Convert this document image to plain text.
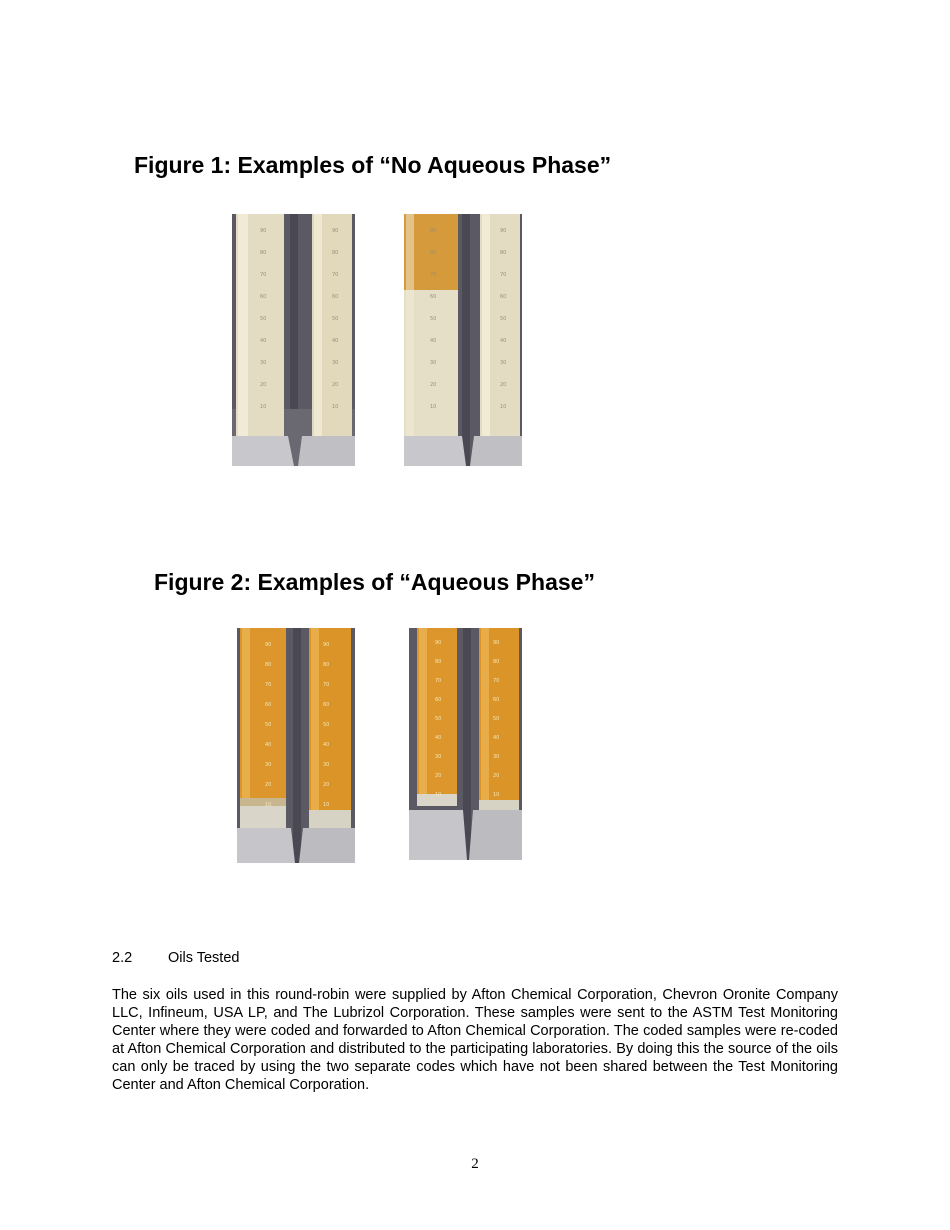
Figure 1: Examples of “No Aqueous Phase”
90
80
70
60
50
40
30
20
10
90
80
70
60
50
40
30
20
10
90
80
70
60
50
40
30
20
10
90
80
70
60
50
40
30
20
10
Figure 2: Examples of “Aqueous Phase”
90
80
70
60
50
40
30
20
10
90
80
70
60
50
40
30
20
10
90
80
70
60
50
40
30
20
10
90
80
70
60
50
40
30
20
10
2.2 Oils Tested

The six oils used in this round-robin were supplied by Afton Chemical Corporation, Chevron Oronite Company LLC, Infineum, USA LP, and The Lubrizol Corporation. These samples were sent to the ASTM Test Monitoring Center where they were coded and forwarded to Afton Chemical Corporation. The coded samples were re-coded at Afton Chemical Corporation and distributed to the participating laboratories. By doing this the source of the oils can only be traced by using the two separate codes which have not been shared between the Test Monitoring Center and Afton Chemical Corporation.

2
